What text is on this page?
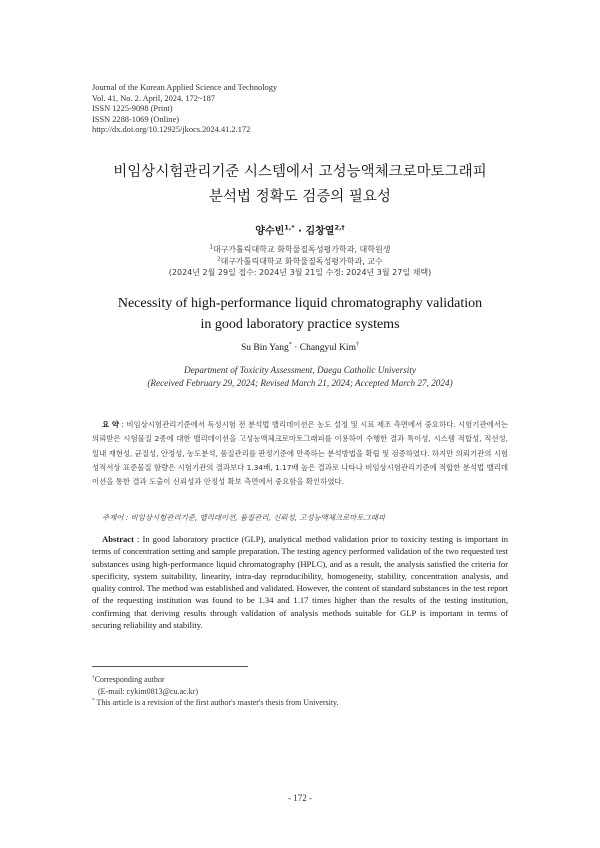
Journal of the Korean Applied Science and Technology
Vol. 41, No. 2. April, 2024. 172~187
ISSN 1225-9098 (Print)
ISSN 2288-1069 (Online)
http://dx.doi.org/10.12925/jkocs.2024.41.2.172
비임상시험관리기준 시스템에서 고성능액체크로마토그래피
분석법 정확도 검증의 필요성
양수빈$^{1,*}$ · 김창열$^{2,\dagger}$
$^1$대구가톨릭대학교 화학물질독성평가학과, 대학원생
$^2$대구가톨릭대학교 화학물질독성평가학과, 교수
(2024년 2월 29일 접수: 2024년 3월 21일 수정: 2024년 3월 27일 채택)
Necessity of high-performance liquid chromatography validation
in good laboratory practice systems
Su Bin Yang* · Changyul Kim†
Department of Toxicity Assessment, Daegu Catholic University
(Received February 29, 2024; Revised March 21, 2024; Accepted March 27, 2024)
요 약 : 비임상시험관리기준에서 독성시험 전 분석법 밸리데이션은 농도 설정 및 시료 제조 측면에서 중요하다. 시험기관에서는 의뢰받은 시험물질 2종에 대한 밸리데이션을 고성능액체크로마토그래피를 이용하여 수행한 결과 특이성, 시스템 적합성, 직선성, 일내 재현성, 균질성, 안정성, 농도분석, 품질관리를 판정기준에 만족하는 분석방법을 확립 및 검증하였다. 하지만 의뢰기관의 시험성적서상 표준물질 함량은 시험기관의 결과보다 1.34배, 1.17배 높은 결과로 나타나 비임상시험관리기준에 적합한 분석법 밸리데이션을 통한 결과 도출이 신뢰성과 안정성 확보 측면에서 중요함을 확인하였다.
주제어 : 비임상시험관리기준, 밸리데이션, 품질관리, 신뢰성, 고성능액체크로마토그래피
Abstract : In good laboratory practice (GLP), analytical method validation prior to toxicity testing is important in terms of concentration setting and sample preparation. The testing agency performed validation of the two requested test substances using high-performance liquid chromatography (HPLC), and as a result, the analysis satisfied the criteria for specificity, system suitability, linearity, intra-day reproducibility, homogeneity, stability, concentration analysis, and quality control. The method was established and validated. However, the content of standard substances in the test report of the requesting institution was found to be 1.34 and 1.17 times higher than the results of the testing institution, confirming that deriving results through validation of analysis methods suitable for GLP is important in terms of securing reliability and stability.
†Corresponding author
(E-mail: cykim0813@cu.ac.kr)
* This article is a revision of the first author's master's thesis from University.
- 172 -
